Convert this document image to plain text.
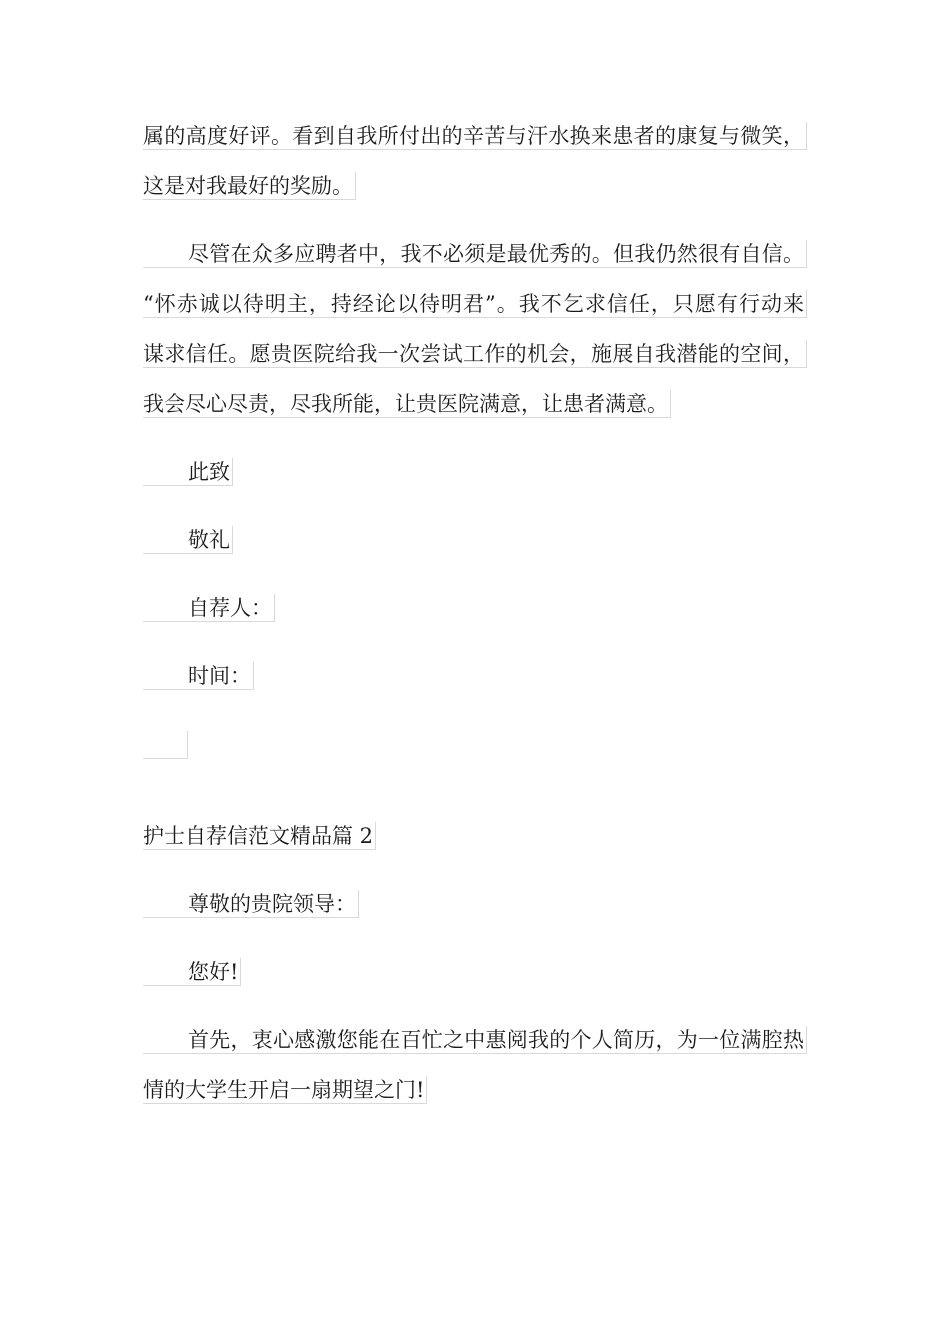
属的高度好评。看到自我所付出的辛苦与汗水换来患者的康复与微笑，
这是对我最好的奖励。
尽管在众多应聘者中，我不必须是最优秀的。但我仍然很有自信。
“怀赤诚以待明主，持经论以待明君”。我不乞求信任，只愿有行动来
谋求信任。愿贵医院给我一次尝试工作的机会，施展自我潜能的空间，
我会尽心尽责，尽我所能，让贵医院满意，让患者满意。
此致
敬礼
自荐人：
时间：
护士自荐信范文精品篇 2
尊敬的贵院领导：
您好!
首先，衷心感激您能在百忙之中惠阅我的个人简历，为一位满腔热
情的大学生开启一扇期望之门!
